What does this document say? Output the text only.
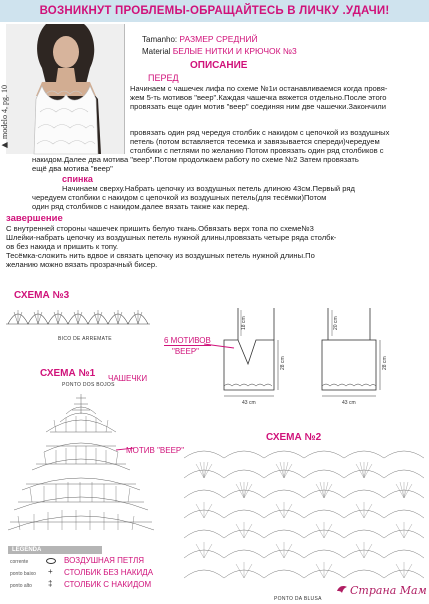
ВОЗНИКНУТ ПРОБЛЕМЫ-ОБРАЩАЙТЕСЬ В ЛИЧКУ .УДАЧИ!
▶ modelo 4, pg. 10
Tamanho: РАЗМЕР СРЕДНИЙ
Material БЕЛЫЕ НИТКИ И КРЮЧОК №3
ОПИСАНИЕ
ПЕРЕД
Начинаем с чашечек лифа по схеме №1и останавливаемся когда провя-
жем 5-ть мотивов "веер".Каждая чашечка вяжется отдельно.После этого
провязать еще один мотив "веер" соединяя ним две чашечки.Закончили
провязать один ряд чередуя столбик с накидом с цепочкой из воздушных
петель (потом вставляется тесемка и завязывается спереди)чередуем
столбики с петлями по желанию Потом провязать один ряд столбиков с
накидом.Далее два мотива "веер".Потом продолжаем работу по схеме №2 Затем провязать
ещё два мотива "веер"
спинка
Начинаем сверху.Набрать цепочку из воздушных петель длиною 43см.Первый ряд
чередуем столбики с накидом с цепочкой из воздушных петель(для тесёмки)Потом
один ряд столбиков с накидом.далее вязать также как перед.
завершение
С внутренней стороны чашечек пришить белую ткань.Обвязать верх топа по схеме№3
Шлейки-набрать цепочку из воздушных петель нужной длины,провязать четыре ряда столбк-
ов без накида и пришить к топу.
Тесёмка-сложить нить вдвое и связать цепочку из воздушных петель нужной длины.По
желанию можно вязать прозрачный бисер.
СХЕМА №3
BICO DE ARREMATE
43 cm
28 cm
18 cm
6 МОТИВОВ
"ВЕЕР"
43 cm
28 cm
20 cm
СХЕМА №1 ЧАШЕЧКИ
PONTO DOS BOJOS
МОТИВ "ВЕЕР"
СХЕМА №2
PONTO DA BLUSA
LEGENDA
corrente	ВОЗДУШНАЯ ПЕТЛЯ
ponto baixo + СТОЛБИК БЕЗ НАКИДА
ponto alto ‡ СТОЛБИК С НАКИДОМ	Страна Мам
